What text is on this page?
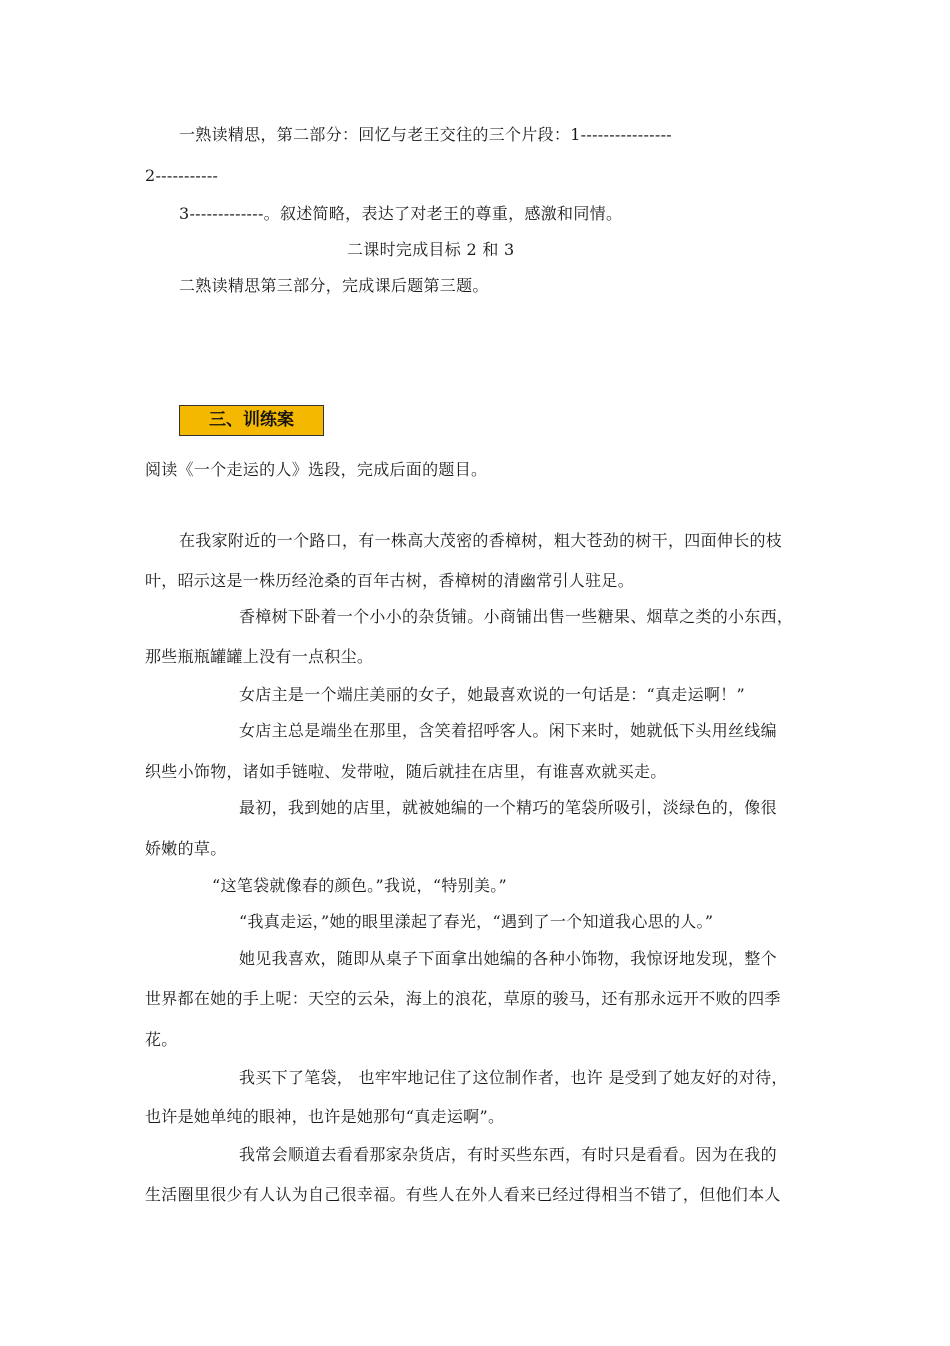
一熟读精思，第二部分：回忆与老王交往的三个片段：1----------------
2-----------
3-------------。叙述简略，表达了对老王的尊重，感激和同情。
二课时完成目标 2 和 3
二熟读精思第三部分，完成课后题第三题。
三、训练案
阅读《一个走运的人》选段，完成后面的题目。
在我家附近的一个路口，有一株高大茂密的香樟树，粗大苍劲的树干，四面伸长的枝
叶，昭示这是一株历经沧桑的百年古树，香樟树的清幽常引人驻足。
香樟树下卧着一个小小的杂货铺。小商铺出售一些糖果、烟草之类的小东西，
那些瓶瓶罐罐上没有一点积尘。
女店主是一个端庄美丽的女子，她最喜欢说的一句话是：“真走运啊！”
女店主总是端坐在那里，含笑着招呼客人。闲下来时，她就低下头用丝线编
织些小饰物，诸如手链啦、发带啦，随后就挂在店里，有谁喜欢就买走。
最初，我到她的店里，就被她编的一个精巧的笔袋所吸引，淡绿色的，像很
娇嫩的草。
“这笔袋就像春的颜色。”我说，“特别美。”
“我真走运，”她的眼里漾起了春光，“遇到了一个知道我心思的人。”
她见我喜欢，随即从桌子下面拿出她编的各种小饰物，我惊讶地发现，整个
世界都在她的手上呢：天空的云朵，海上的浪花，草原的骏马，还有那永远开不败的四季
花。
我买下了笔袋， 也牢牢地记住了这位制作者，也许 是受到了她友好的对待，
也许是她单纯的眼神，也许是她那句“真走运啊”。
我常会顺道去看看那家杂货店，有时买些东西，有时只是看看。因为在我的
生活圈里很少有人认为自己很幸福。有些人在外人看来已经过得相当不错了，但他们本人
